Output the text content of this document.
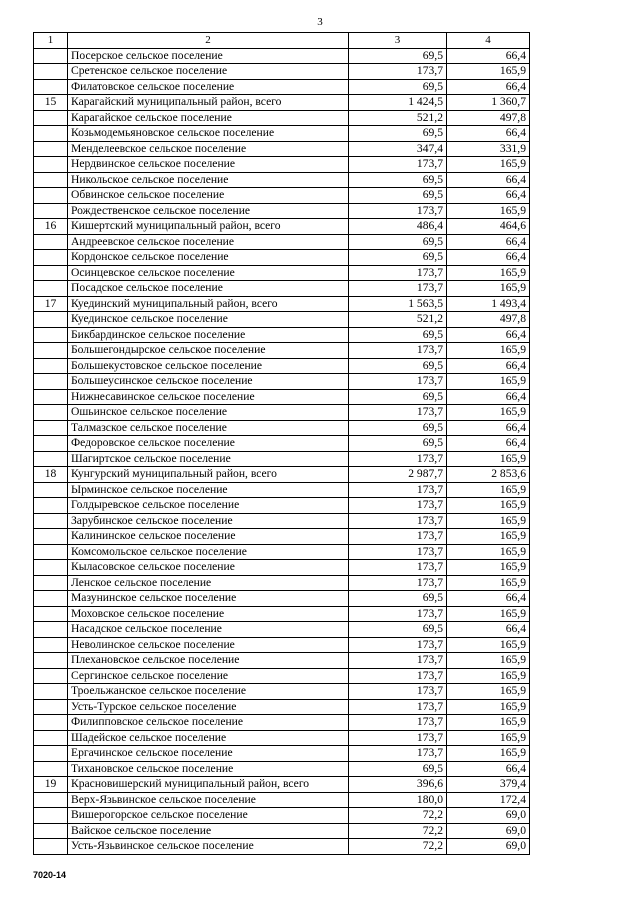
3
1	2	3	4
	Посерское сельское поселение	69,5	66,4
	Сретенское сельское поселение	173,7	165,9
	Филатовское сельское поселение	69,5	66,4
15	Карагайский муниципальный район, всего	1 424,5	1 360,7
	Карагайское сельское поселение	521,2	497,8
	Козьмодемьяновское сельское поселение	69,5	66,4
	Менделеевское сельское поселение	347,4	331,9
	Нердвинское сельское поселение	173,7	165,9
	Никольское сельское поселение	69,5	66,4
	Обвинское сельское поселение	69,5	66,4
	Рождественское сельское поселение	173,7	165,9
16	Кишертский муниципальный район, всего	486,4	464,6
	Андреевское сельское поселение	69,5	66,4
	Кордонское сельское поселение	69,5	66,4
	Осинцевское сельское поселение	173,7	165,9
	Посадское сельское поселение	173,7	165,9
17	Куединский муниципальный район, всего	1 563,5	1 493,4
	Куединское сельское поселение	521,2	497,8
	Бикбардинское сельское поселение	69,5	66,4
	Большегондырское сельское поселение	173,7	165,9
	Большекустовское сельское поселение	69,5	66,4
	Большеусинское сельское поселение	173,7	165,9
	Нижнесавинское сельское поселение	69,5	66,4
	Ошьинское сельское поселение	173,7	165,9
	Талмазское сельское поселение	69,5	66,4
	Федоровское сельское поселение	69,5	66,4
	Шагиртское сельское поселение	173,7	165,9
18	Кунгурский муниципальный район, всего	2 987,7	2 853,6
	Ырминское сельское поселение	173,7	165,9
	Голдыревское сельское поселение	173,7	165,9
	Зарубинское сельское поселение	173,7	165,9
	Калининское сельское поселение	173,7	165,9
	Комсомольское сельское поселение	173,7	165,9
	Кыласовское сельское поселение	173,7	165,9
	Ленское сельское поселение	173,7	165,9
	Мазунинское сельское поселение	69,5	66,4
	Моховское сельское поселение	173,7	165,9
	Насадское сельское поселение	69,5	66,4
	Неволинское сельское поселение	173,7	165,9
	Плехановское сельское поселение	173,7	165,9
	Сергинское сельское поселение	173,7	165,9
	Троельжанское сельское поселение	173,7	165,9
	Усть-Турское сельское поселение	173,7	165,9
	Филипповское сельское поселение	173,7	165,9
	Шадейское сельское поселение	173,7	165,9
	Ергачинское сельское поселение	173,7	165,9
	Тихановское сельское поселение	69,5	66,4
19	Красновишерский муниципальный район, всего	396,6	379,4
	Верх-Язьвинское сельское поселение	180,0	172,4
	Вишерогорское сельское поселение	72,2	69,0
	Вайское сельское поселение	72,2	69,0
	Усть-Язьвинское сельское поселение	72,2	69,0
7020-14
